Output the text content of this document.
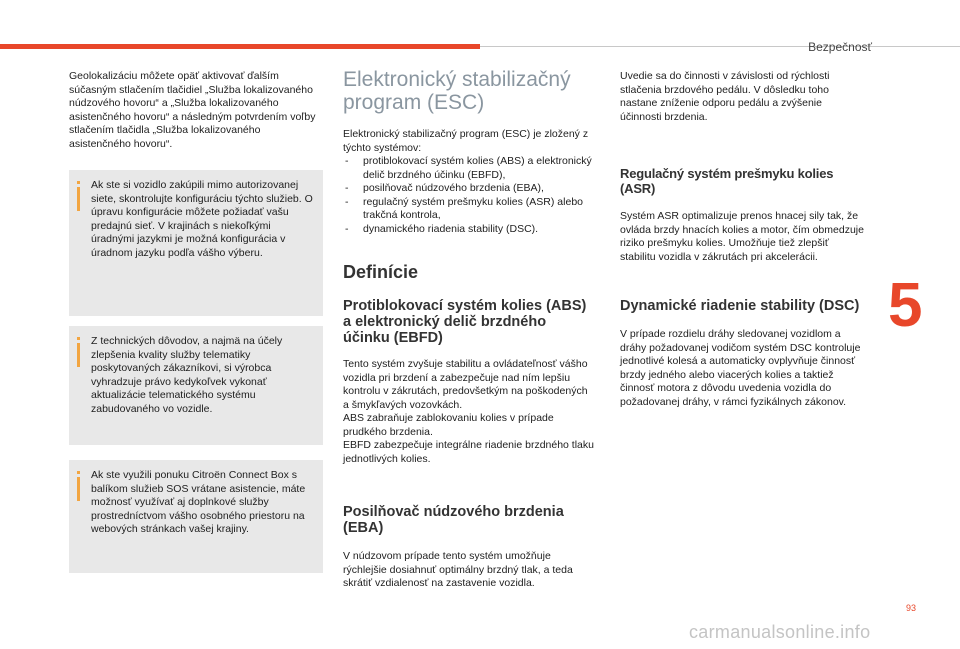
Bezpečnosť
5

Geolokalizáciu môžete opäť aktivovať ďalším súčasným stlačením tlačidiel „Služba lokalizovaného núdzového hovoru“ a „Služba lokalizovaného asistenčného hovoru“ a následným potvrdením voľby stlačením tlačidla „Služba lokalizovaného asistenčného hovoru“.

Ak ste si vozidlo zakúpili mimo autorizovanej siete, skontrolujte konfiguráciu týchto služieb. O úpravu konfigurácie môžete požiadať vašu predajnú sieť. V krajinách s niekoľkými úradnými jazykmi je možná konfigurácia v úradnom jazyku podľa vášho výberu.

Z technických dôvodov, a najmä na účely zlepšenia kvality služby telematiky poskytovaných zákazníkovi, si výrobca vyhradzuje právo kedykoľvek vykonať aktualizácie telematického systému zabudovaného vo vozidle.

Ak ste využili ponuku Citroën Connect Box s balíkom služieb SOS vrátane asistencie, máte možnosť využívať aj doplnkové služby prostredníctvom vášho osobného priestoru na webových stránkach vašej krajiny.

Elektronický stabilizačný program (ESC)

Elektronický stabilizačný program (ESC) je zložený z týchto systémov:

- protiblokovací systém kolies (ABS) a elektronický delič brzdného účinku (EBFD),
- posilňovač núdzového brzdenia (EBA),
- regulačný systém prešmyku kolies (ASR) alebo trakčná kontrola,
- dynamického riadenia stability (DSC).
Definície
Protiblokovací systém kolies (ABS) a elektronický delič brzdného účinku (EBFD)

Tento systém zvyšuje stabilitu a ovládateľnosť vášho vozidla pri brzdení a zabezpečuje nad ním lepšiu kontrolu v zákrutách, predovšetkým na poškodených a šmykľavých vozovkách.

ABS zabraňuje zablokovaniu kolies v prípade prudkého brzdenia.

EBFD zabezpečuje integrálne riadenie brzdného tlaku jednotlivých kolies.

Posilňovač núdzového brzdenia (EBA)

V núdzovom prípade tento systém umožňuje rýchlejšie dosiahnuť optimálny brzdný tlak, a teda skrátiť vzdialenosť na zastavenie vozidla.

Uvedie sa do činnosti v závislosti od rýchlosti stlačenia brzdového pedálu. V dôsledku toho nastane zníženie odporu pedálu a zvýšenie účinnosti brzdenia.

Regulačný systém prešmyku kolies (ASR)

Systém ASR optimalizuje prenos hnacej sily tak, že ovláda brzdy hnacích kolies a motor, čím obmedzuje riziko prešmyku kolies. Umožňuje tiež zlepšiť stabilitu vozidla v zákrutách pri akcelerácii.

Dynamické riadenie stability (DSC)

V prípade rozdielu dráhy sledovanej vozidlom a dráhy požadovanej vodičom systém DSC kontroluje jednotlivé kolesá a automaticky ovplyvňuje činnosť brzdy jedného alebo viacerých kolies a taktiež činnosť motora z dôvodu uvedenia vozidla do požadovanej dráhy, v rámci fyzikálnych zákonov.

93
carmanualsonline.info
